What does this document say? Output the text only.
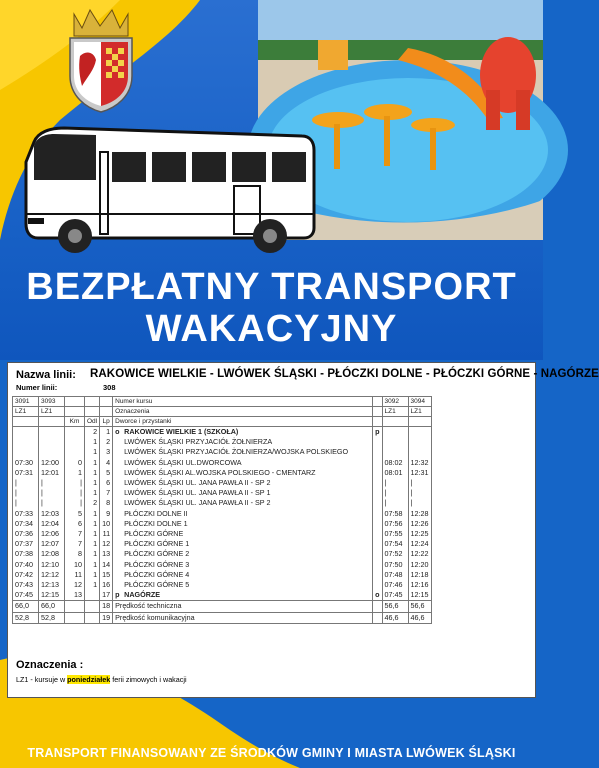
BEZPŁATNY TRANSPORT
WAKACYJNY
Nazwa linii: RAKOWICE WIELKIE - LWÓWEK ŚLĄSKI - PŁÓCZKI DOLNE - PŁÓCZKI GÓRNE - NAGÓRZE
Numer linii:	308
3091	3093				Numer kursu		3092	3094
LZ1	LZ1				Oznaczenia		LZ1	LZ1
		Km	Odl	Lp	Dworce i przystanki			
			2	1	o RAKOWICE WIELKIE 1 (SZKOŁA)	p		
			1	2	LWÓWEK ŚLĄSKI PRZYJACIÓŁ ŻOŁNIERZA			
			1	3	LWÓWEK ŚLĄSKI PRZYJACIÓŁ ŻOŁNIERZA/WOJSKA POLSKIEGO			
07:30	12:00	0	1	4	LWÓWEK ŚLĄSKI UL.DWORCOWA		08:02	12:32
07:31	12:01	1	1	5	LWÓWEK ŚLĄSKI AL.WOJSKA POLSKIEGO - CMENTARZ		08:01	12:31
|	|	|	1	6	LWÓWEK ŚLĄSKI UL. JANA PAWŁA II - SP 2		|	|
|	|	|	1	7	LWÓWEK ŚLĄSKI UL. JANA PAWŁA II - SP 1		|	|
|	|	|	2	8	LWÓWEK ŚLĄSKI UL. JANA PAWŁA II - SP 2		|	|
07:33	12:03	5	1	9	PŁÓCZKI DOLNE II		07:58	12:28
07:34	12:04	6	1	10	PŁÓCZKI DOLNE 1		07:56	12:26
07:36	12:06	7	1	11	PŁÓCZKI GÓRNE		07:55	12:25
07:37	12:07	7	1	12	PŁÓCZKI GÓRNE 1		07:54	12:24
07:38	12:08	8	1	13	PŁÓCZKI GÓRNE 2		07:52	12:22
07:40	12:10	10	1	14	PŁÓCZKI GÓRNE 3		07:50	12:20
07:42	12:12	11	1	15	PŁÓCZKI GÓRNE 4		07:48	12:18
07:43	12:13	12	1	16	PŁÓCZKI GÓRNE 5		07:46	12:16
07:45	12:15	13		17	p NAGÓRZE	o	07:45	12:15
66,0	66,0			18	Prędkość techniczna		56,6	56,6
52,8	52,8			19	Prędkość komunikacyjna		46,6	46,6
Oznaczenia :
LZ1 - kursuje w poniedziałek ferii zimowych i wakacji
TRANSPORT FINANSOWANY ZE ŚRODKÓW GMINY I MIASTA LWÓWEK ŚLĄSKI
